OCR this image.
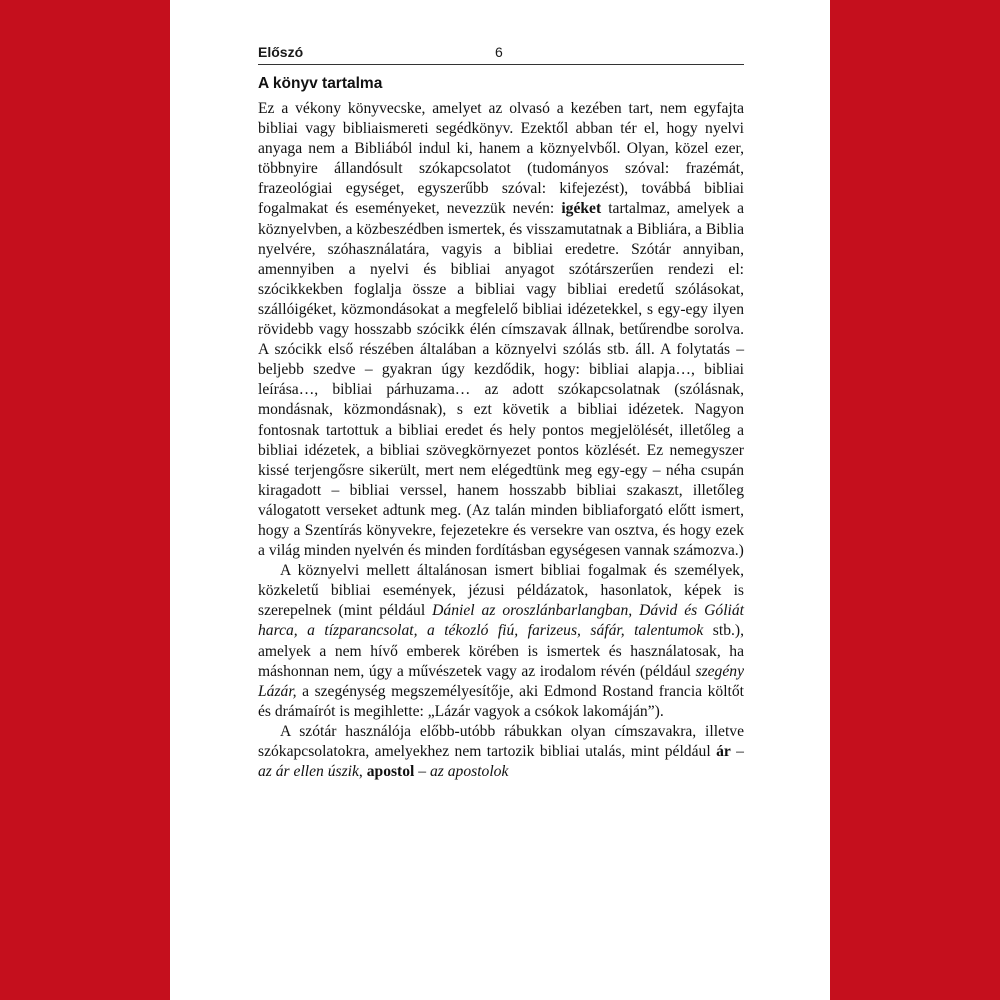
Előszó	6
A könyv tartalma

Ez a vékony könyvecske, amelyet az olvasó a kezében tart, nem egyfajta bibliai vagy bibliaismereti segédkönyv. Ezektől abban tér el, hogy nyelvi anyaga nem a Bibliából indul ki, hanem a köznyelvből. Olyan, közel ezer, többnyire állandósult szókapcsolatot (tudományos szóval: frazémát, frazeológiai egységet, egyszerűbb szóval: kifejezést), továbbá bibliai fogalmakat és eseményeket, nevezzük nevén: igéket tartalmaz, amelyek a köznyelvben, a közbeszédben ismertek, és visszamutatnak a Bibliára, a Biblia nyelvére, szóhasználatára, vagyis a bibliai eredetre. Szótár annyiban, amennyiben a nyelvi és bibliai anyagot szótárszerűen rendezi el: szócikkekben foglalja össze a bibliai vagy bibliai eredetű szólásokat, szállóigéket, közmondásokat a megfelelő bibliai idézetekkel, s egy-egy ilyen rövidebb vagy hosszabb szócikk élén címszavak állnak, betűrendbe sorolva. A szócikk első részében általában a köznyelvi szólás stb. áll. A folytatás – beljebb szedve – gyakran úgy kezdődik, hogy: bibliai alapja…, bibliai leírása…, bibliai párhuzama… az adott szókapcsolatnak (szólásnak, mondásnak, közmondásnak), s ezt követik a bibliai idézetek. Nagyon fontosnak tartottuk a bibliai eredet és hely pontos megjelölését, illetőleg a bibliai idézetek, a bibliai szövegkörnyezet pontos közlését. Ez nemegyszer kissé terjengősre sikerült, mert nem elégedtünk meg egy-egy – néha csupán kiragadott – bibliai verssel, hanem hosszabb bibliai szakaszt, illetőleg válogatott verseket adtunk meg. (Az talán minden bibliaforgató előtt ismert, hogy a Szentírás könyvekre, fejezetekre és versekre van osztva, és hogy ezek a világ minden nyelvén és minden fordításban egységesen vannak számozva.)

A köznyelvi mellett általánosan ismert bibliai fogalmak és személyek, közkeletű bibliai események, jézusi példázatok, hasonlatok, képek is szerepelnek (mint például Dániel az oroszlánbarlangban, Dávid és Góliát harca, a tízparancsolat, a tékozló fiú, farizeus, sáfár, talentumok stb.), amelyek a nem hívő emberek körében is ismertek és használatosak, ha máshonnan nem, úgy a művészetek vagy az irodalom révén (például szegény Lázár, a szegénység megszemélyesítője, aki Edmond Rostand francia költőt és drámaírót is megihlette: „Lázár vagyok a csókok lakomáján”).

A szótár használója előbb-utóbb rábukkan olyan címszavakra, illetve szókapcsolatokra, amelyekhez nem tartozik bibliai utalás, mint például ár – az ár ellen úszik, apostol – az apostolok
